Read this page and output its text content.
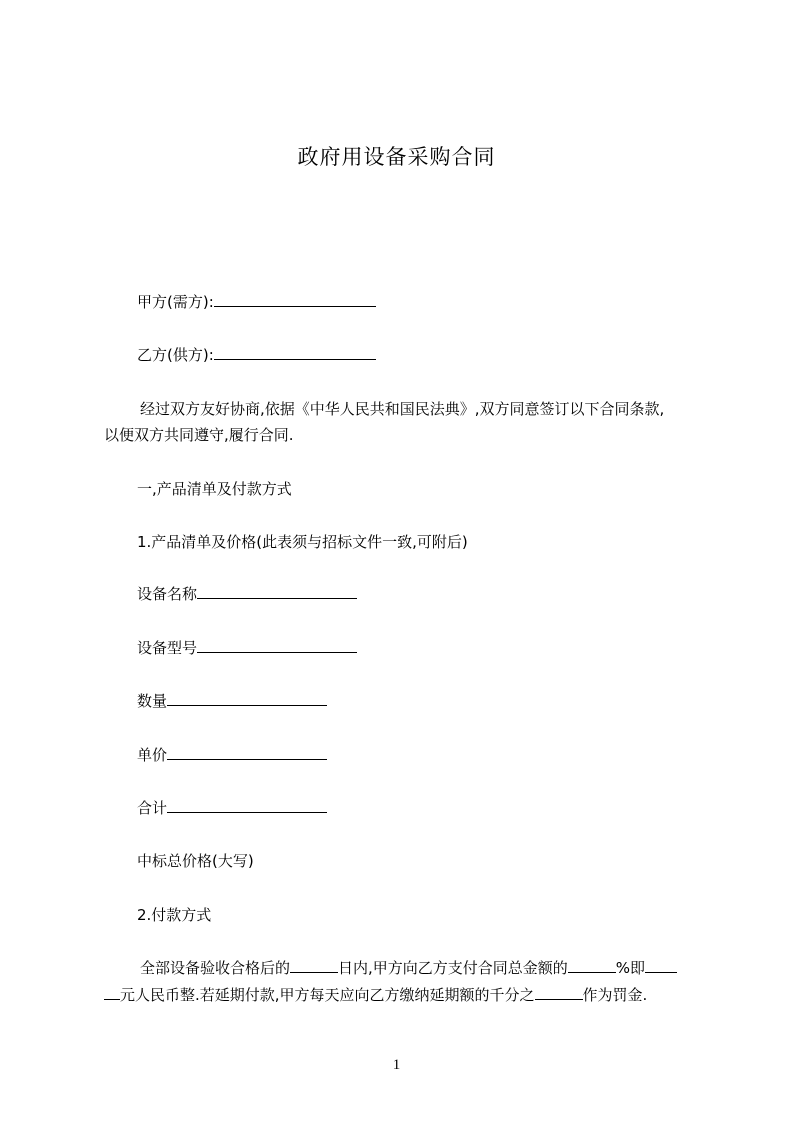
政府用设备采购合同
甲方(需方):
乙方(供方):
经过双方友好协商,依据《中华人民共和国民法典》,双方同意签订以下合同条款,
以便双方共同遵守,履行合同.
一,产品清单及付款方式
1.产品清单及价格(此表须与招标文件一致,可附后)
设备名称
设备型号
数量
单价
合计
中标总价格(大写)
2.付款方式
全部设备验收合格后的	日内,甲方向乙方支付合同总金额的	%即
元人民币整.若延期付款,甲方每天应向乙方缴纳延期额的千分之	作为罚金.
1
